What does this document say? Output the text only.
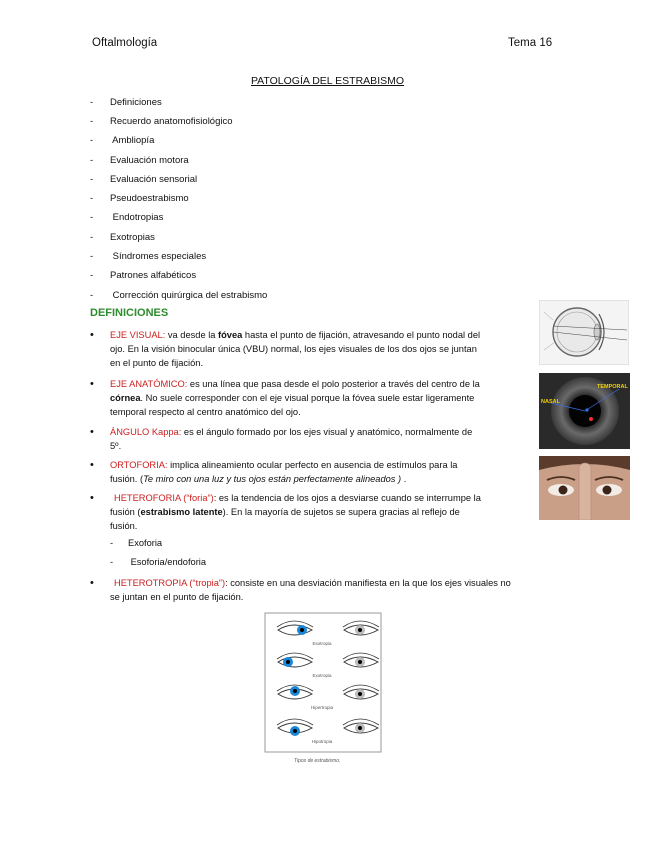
Oftalmología	Tema 16
PATOLOGÍA DEL ESTRABISMO
- Definiciones
- Recuerdo anatomofisiológico
- Ambliopía
- Evaluación motora
- Evaluación sensorial
- Pseudoestrabismo
- Endotropias
- Exotropias
- Síndromes especiales
- Patrones alfabéticos
- Corrección quirúrgica del estrabismo
DEFINICIONES
• EJE VISUAL: va desde la fóvea hasta el punto de fijación, atravesando el punto nodal del
ojo. En la visión binocular única (VBU) normal, los ejes visuales de los dos ojos se juntan
en el punto de fijación.
• EJE ANATÓMICO: es una línea que pasa desde el polo posterior a través del centro de la
córnea. No suele corresponder con el eje visual porque la fóvea suele estar ligeramente
temporal respecto al centro anatómico del ojo.
• ÁNGULO Kappa: es el ángulo formado por los ejes visual y anatómico, normalmente de
5º.
• ORTOFORIA: implica alineamiento ocular perfecto en ausencia de estímulos para la
fusión. (Te miro con una luz y tus ojos están perfectamente alineados ) .
• HETEROFORIA (“foria”): es la tendencia de los ojos a desviarse cuando se interrumpe la
fusión (estrabismo latente). En la mayoría de sujetos se supera gracias al reflejo de
fusión.
- Exoforia
- Esoforia/endoforia
• HETEROTROPIA (“tropia”): consiste en una desviación manifiesta en la que los ejes visuales no
se juntan en el punto de fijación.
NASAL
TEMPORAL
Esotropia
Exotropia
Hipertropia
Hipotropia
Tipos de estrabismo.
